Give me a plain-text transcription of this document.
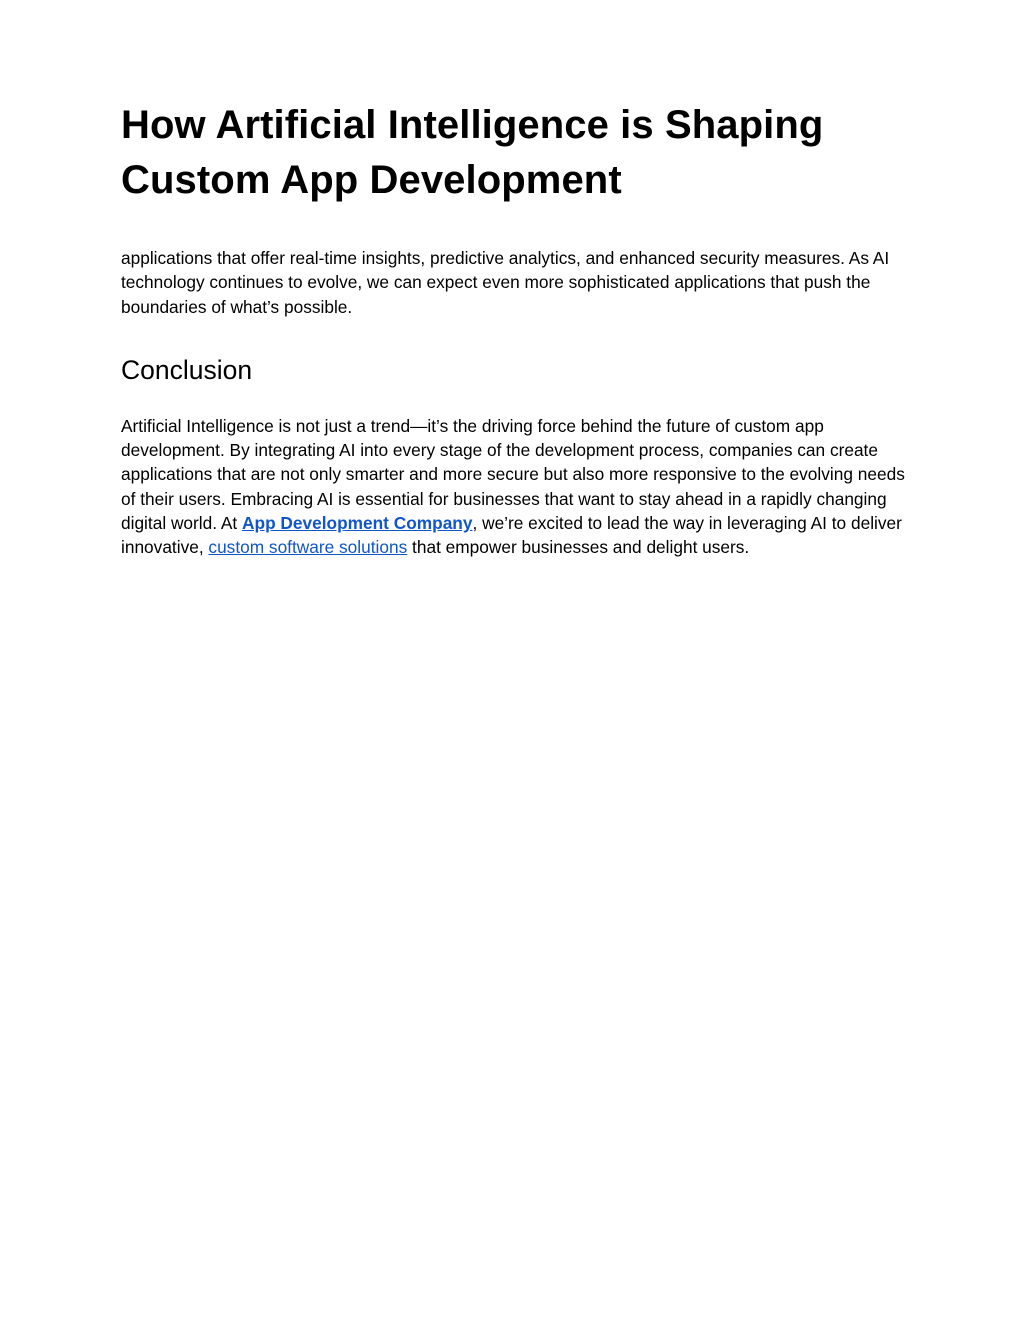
How Artificial Intelligence is Shaping Custom App Development

applications that offer real-time insights, predictive analytics, and enhanced security measures. As AI technology continues to evolve, we can expect even more sophisticated applications that push the boundaries of what’s possible.

Conclusion

Artificial Intelligence is not just a trend—it’s the driving force behind the future of custom app development. By integrating AI into every stage of the development process, companies can create applications that are not only smarter and more secure but also more responsive to the evolving needs of their users. Embracing AI is essential for businesses that want to stay ahead in a rapidly changing digital world. At App Development Company, we’re excited to lead the way in leveraging AI to deliver innovative, custom software solutions that empower businesses and delight users.
